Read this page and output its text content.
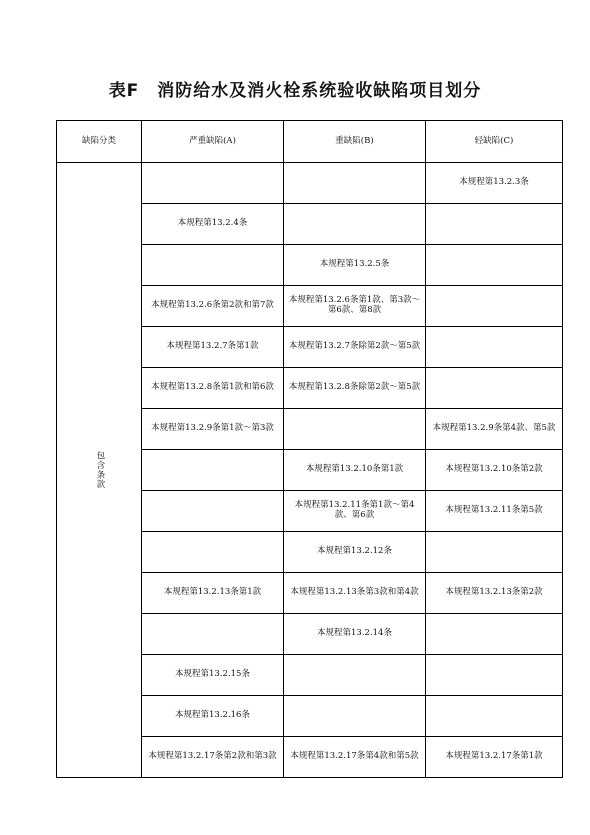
表F　消防给水及消火栓系统验收缺陷项目划分
缺陷分类	严重缺陷(A)	重缺陷(B)	轻缺陷(C)
包含条款			本规程第13.2.3条
	本规程第13.2.4条		
		本规程第13.2.5条	
	本规程第13.2.6条第2款和第7款	本规程第13.2.6条第1款、第3款～第6款、第8款	
	本规程第13.2.7条第1款	本规程第13.2.7条除第2款～第5款	
	本规程第13.2.8条第1款和第6款	本规程第13.2.8条除第2款～第5款	
	本规程第13.2.9条第1款～第3款		本规程第13.2.9条第4款、第5款
		本规程第13.2.10条第1款	本规程第13.2.10条第2款
		本规程第13.2.11条第1款～第4款、第6款	本规程第13.2.11条第5款
		本规程第13.2.12条	
	本规程第13.2.13条第1款	本规程第13.2.13条第3款和第4款	本规程第13.2.13条第2款
		本规程第13.2.14条	
	本规程第13.2.15条		
	本规程第13.2.16条		
	本规程第13.2.17条第2款和第3款	本规程第13.2.17条第4款和第5款	本规程第13.2.17条第1款
